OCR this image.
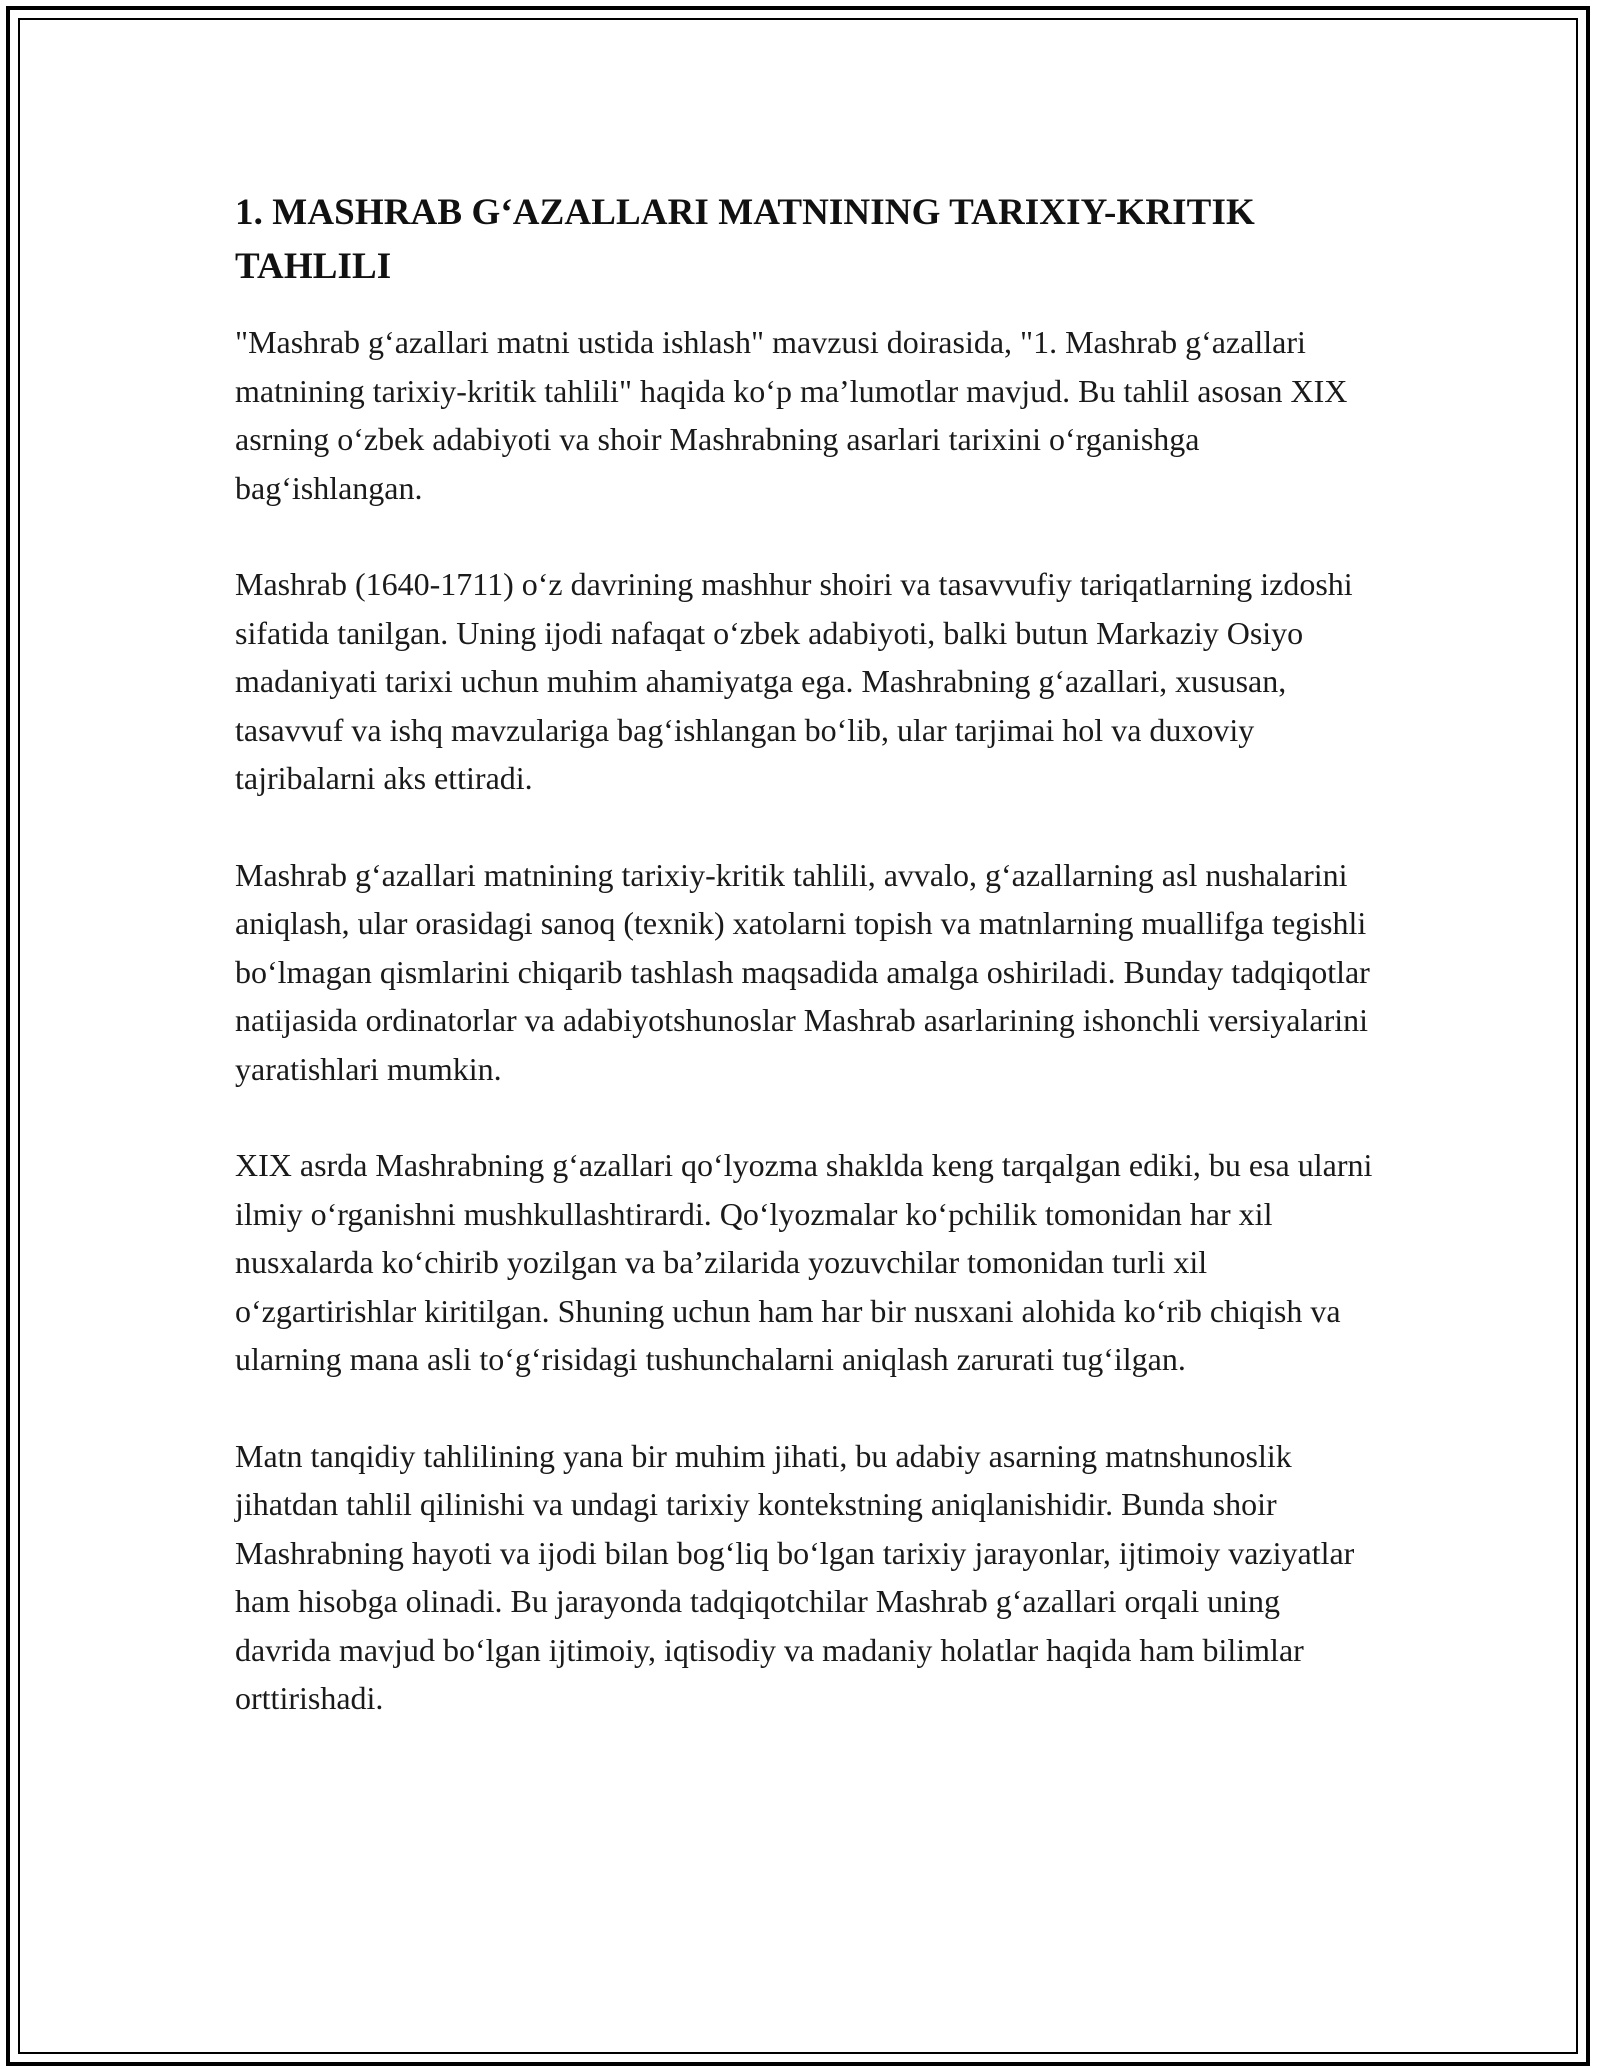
1. MASHRAB G‘AZALLARI MATNINING TARIXIY-KRITIK TAHLILI

"Mashrab g‘azallari matni ustida ishlash" mavzusi doirasida, "1. Mashrab g‘azallari matnining tarixiy-kritik tahlili" haqida ko‘p ma’lumotlar mavjud. Bu tahlil asosan XIX asrning o‘zbek adabiyoti va shoir Mashrabning asarlari tarixini o‘rganishga bag‘ishlangan.

Mashrab (1640-1711) o‘z davrining mashhur shoiri va tasavvufiy tariqatlarning izdoshi sifatida tanilgan. Uning ijodi nafaqat o‘zbek adabiyoti, balki butun Markaziy Osiyo madaniyati tarixi uchun muhim ahamiyatga ega. Mashrabning g‘azallari, xususan, tasavvuf va ishq mavzulariga bag‘ishlangan bo‘lib, ular tarjimai hol va duxoviy tajribalarni aks ettiradi.

Mashrab g‘azallari matnining tarixiy-kritik tahlili, avvalo, g‘azallarning asl nushalarini aniqlash, ular orasidagi sanoq (texnik) xatolarni topish va matnlarning muallifga tegishli bo‘lmagan qismlarini chiqarib tashlash maqsadida amalga oshiriladi. Bunday tadqiqotlar natijasida ordinatorlar va adabiyotshunoslar Mashrab asarlarining ishonchli versiyalarini yaratishlari mumkin.

XIX asrda Mashrabning g‘azallari qo‘lyozma shaklda keng tarqalgan ediki, bu esa ularni ilmiy o‘rganishni mushkullashtirardi. Qo‘lyozmalar ko‘pchilik tomonidan har xil nusxalarda ko‘chirib yozilgan va ba’zilarida yozuvchilar tomonidan turli xil o‘zgartirishlar kiritilgan. Shuning uchun ham har bir nusxani alohida ko‘rib chiqish va ularning mana asli to‘g‘risidagi tushunchalarni aniqlash zarurati tug‘ilgan.

Matn tanqidiy tahlilining yana bir muhim jihati, bu adabiy asarning matnshunoslik jihatdan tahlil qilinishi va undagi tarixiy kontekstning aniqlanishidir. Bunda shoir Mashrabning hayoti va ijodi bilan bog‘liq bo‘lgan tarixiy jarayonlar, ijtimoiy vaziyatlar ham hisobga olinadi. Bu jarayonda tadqiqotchilar Mashrab g‘azallari orqali uning davrida mavjud bo‘lgan ijtimoiy, iqtisodiy va madaniy holatlar haqida ham bilimlar orttirishadi.
